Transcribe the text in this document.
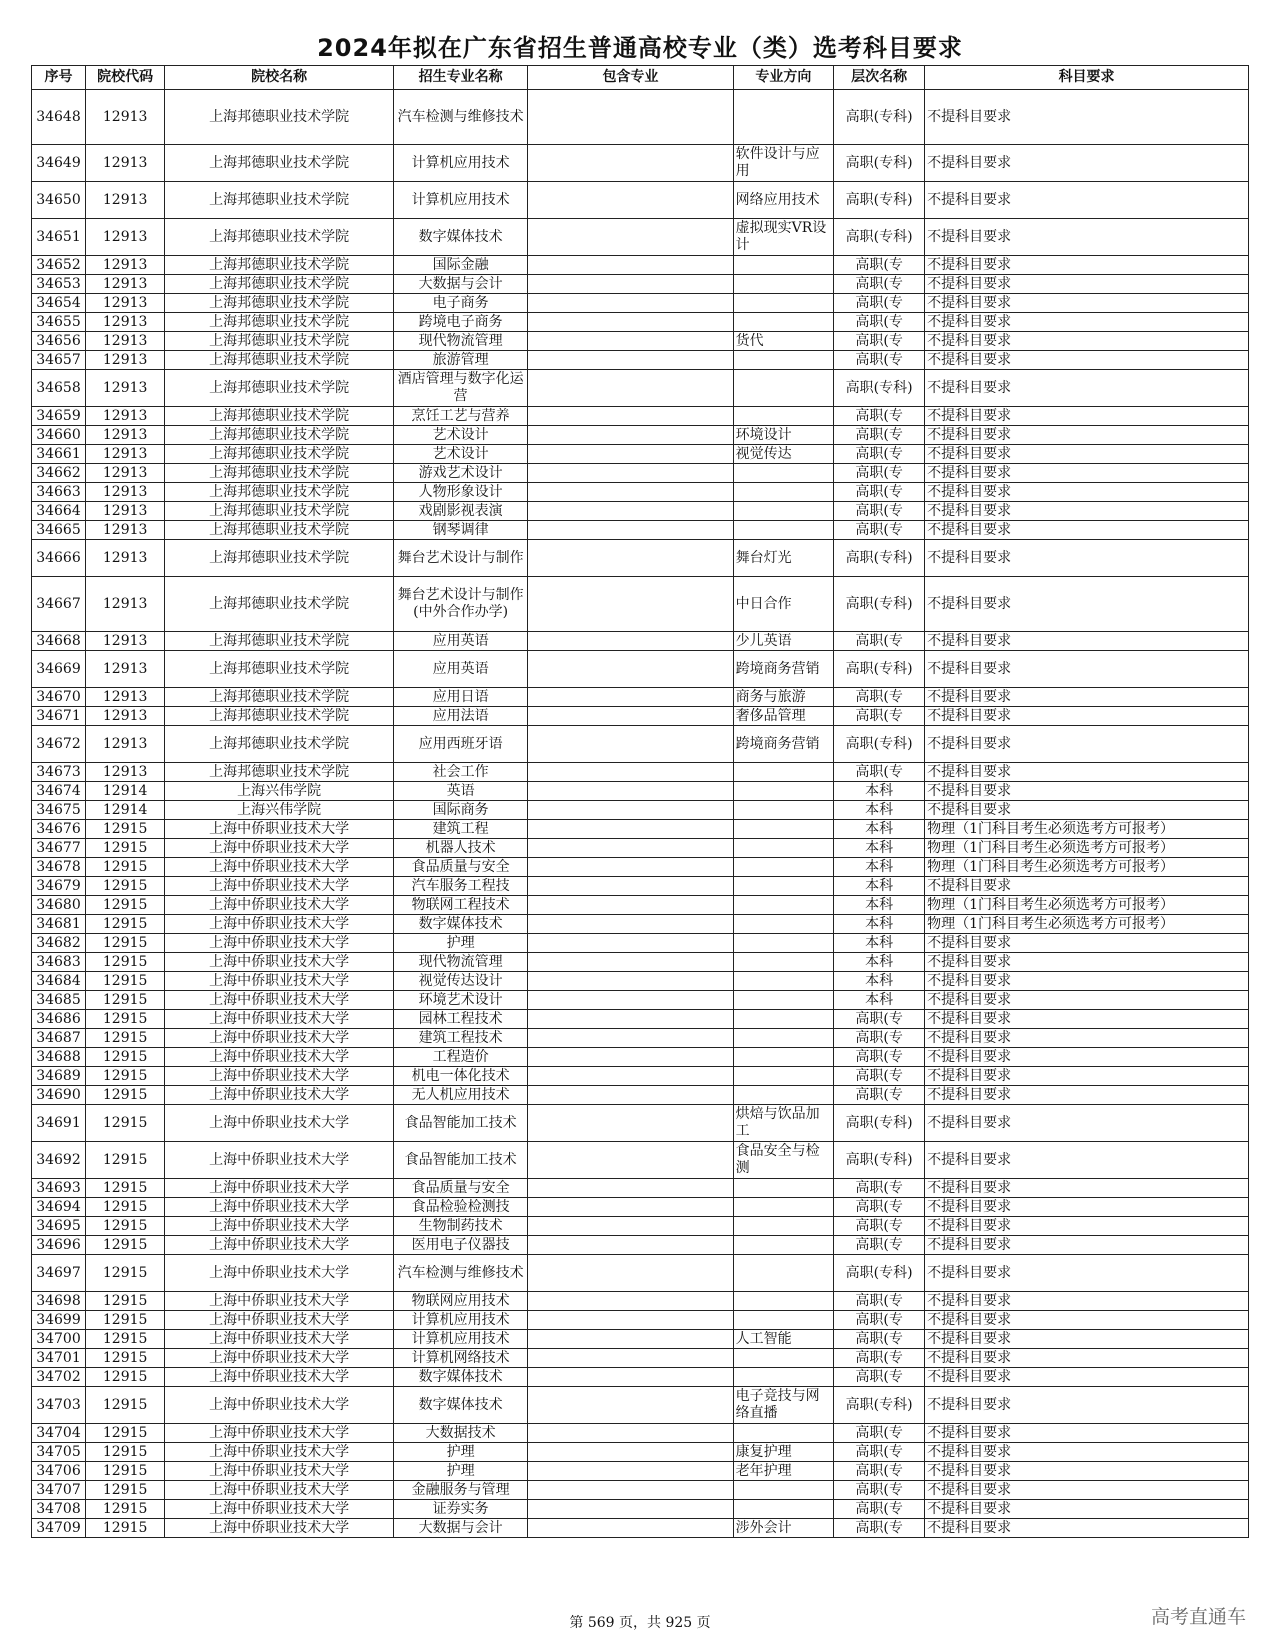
2024年拟在广东省招生普通高校专业（类）选考科目要求
序号	院校代码	院校名称	招生专业名称	包含专业	专业方向	层次名称	科目要求
34648	12913	上海邦德职业技术学院	汽车检测与维修技术			高职(专科)	不提科目要求
34649	12913	上海邦德职业技术学院	计算机应用技术		软件设计与应用	高职(专科)	不提科目要求
34650	12913	上海邦德职业技术学院	计算机应用技术		网络应用技术	高职(专科)	不提科目要求
34651	12913	上海邦德职业技术学院	数字媒体技术		虚拟现实VR设计	高职(专科)	不提科目要求
34652	12913	上海邦德职业技术学院	国际金融			高职(专	不提科目要求
34653	12913	上海邦德职业技术学院	大数据与会计			高职(专	不提科目要求
34654	12913	上海邦德职业技术学院	电子商务			高职(专	不提科目要求
34655	12913	上海邦德职业技术学院	跨境电子商务			高职(专	不提科目要求
34656	12913	上海邦德职业技术学院	现代物流管理		货代	高职(专	不提科目要求
34657	12913	上海邦德职业技术学院	旅游管理			高职(专	不提科目要求
34658	12913	上海邦德职业技术学院	酒店管理与数字化运营			高职(专科)	不提科目要求
34659	12913	上海邦德职业技术学院	烹饪工艺与营养			高职(专	不提科目要求
34660	12913	上海邦德职业技术学院	艺术设计		环境设计	高职(专	不提科目要求
34661	12913	上海邦德职业技术学院	艺术设计		视觉传达	高职(专	不提科目要求
34662	12913	上海邦德职业技术学院	游戏艺术设计			高职(专	不提科目要求
34663	12913	上海邦德职业技术学院	人物形象设计			高职(专	不提科目要求
34664	12913	上海邦德职业技术学院	戏剧影视表演			高职(专	不提科目要求
34665	12913	上海邦德职业技术学院	钢琴调律			高职(专	不提科目要求
34666	12913	上海邦德职业技术学院	舞台艺术设计与制作		舞台灯光	高职(专科)	不提科目要求
34667	12913	上海邦德职业技术学院	舞台艺术设计与制作(中外合作办学)		中日合作	高职(专科)	不提科目要求
34668	12913	上海邦德职业技术学院	应用英语		少儿英语	高职(专	不提科目要求
34669	12913	上海邦德职业技术学院	应用英语		跨境商务营销	高职(专科)	不提科目要求
34670	12913	上海邦德职业技术学院	应用日语		商务与旅游	高职(专	不提科目要求
34671	12913	上海邦德职业技术学院	应用法语		奢侈品管理	高职(专	不提科目要求
34672	12913	上海邦德职业技术学院	应用西班牙语		跨境商务营销	高职(专科)	不提科目要求
34673	12913	上海邦德职业技术学院	社会工作			高职(专	不提科目要求
34674	12914	上海兴伟学院	英语			本科	不提科目要求
34675	12914	上海兴伟学院	国际商务			本科	不提科目要求
34676	12915	上海中侨职业技术大学	建筑工程			本科	物理（1门科目考生必须选考方可报考）
34677	12915	上海中侨职业技术大学	机器人技术			本科	物理（1门科目考生必须选考方可报考）
34678	12915	上海中侨职业技术大学	食品质量与安全			本科	物理（1门科目考生必须选考方可报考）
34679	12915	上海中侨职业技术大学	汽车服务工程技			本科	不提科目要求
34680	12915	上海中侨职业技术大学	物联网工程技术			本科	物理（1门科目考生必须选考方可报考）
34681	12915	上海中侨职业技术大学	数字媒体技术			本科	物理（1门科目考生必须选考方可报考）
34682	12915	上海中侨职业技术大学	护理			本科	不提科目要求
34683	12915	上海中侨职业技术大学	现代物流管理			本科	不提科目要求
34684	12915	上海中侨职业技术大学	视觉传达设计			本科	不提科目要求
34685	12915	上海中侨职业技术大学	环境艺术设计			本科	不提科目要求
34686	12915	上海中侨职业技术大学	园林工程技术			高职(专	不提科目要求
34687	12915	上海中侨职业技术大学	建筑工程技术			高职(专	不提科目要求
34688	12915	上海中侨职业技术大学	工程造价			高职(专	不提科目要求
34689	12915	上海中侨职业技术大学	机电一体化技术			高职(专	不提科目要求
34690	12915	上海中侨职业技术大学	无人机应用技术			高职(专	不提科目要求
34691	12915	上海中侨职业技术大学	食品智能加工技术		烘焙与饮品加工	高职(专科)	不提科目要求
34692	12915	上海中侨职业技术大学	食品智能加工技术		食品安全与检测	高职(专科)	不提科目要求
34693	12915	上海中侨职业技术大学	食品质量与安全			高职(专	不提科目要求
34694	12915	上海中侨职业技术大学	食品检验检测技			高职(专	不提科目要求
34695	12915	上海中侨职业技术大学	生物制药技术			高职(专	不提科目要求
34696	12915	上海中侨职业技术大学	医用电子仪器技			高职(专	不提科目要求
34697	12915	上海中侨职业技术大学	汽车检测与维修技术			高职(专科)	不提科目要求
34698	12915	上海中侨职业技术大学	物联网应用技术			高职(专	不提科目要求
34699	12915	上海中侨职业技术大学	计算机应用技术			高职(专	不提科目要求
34700	12915	上海中侨职业技术大学	计算机应用技术		人工智能	高职(专	不提科目要求
34701	12915	上海中侨职业技术大学	计算机网络技术			高职(专	不提科目要求
34702	12915	上海中侨职业技术大学	数字媒体技术			高职(专	不提科目要求
34703	12915	上海中侨职业技术大学	数字媒体技术		电子竞技与网络直播	高职(专科)	不提科目要求
34704	12915	上海中侨职业技术大学	大数据技术			高职(专	不提科目要求
34705	12915	上海中侨职业技术大学	护理		康复护理	高职(专	不提科目要求
34706	12915	上海中侨职业技术大学	护理		老年护理	高职(专	不提科目要求
34707	12915	上海中侨职业技术大学	金融服务与管理			高职(专	不提科目要求
34708	12915	上海中侨职业技术大学	证券实务			高职(专	不提科目要求
34709	12915	上海中侨职业技术大学	大数据与会计		涉外会计	高职(专	不提科目要求
第 569 页，共 925 页	高考直通车
